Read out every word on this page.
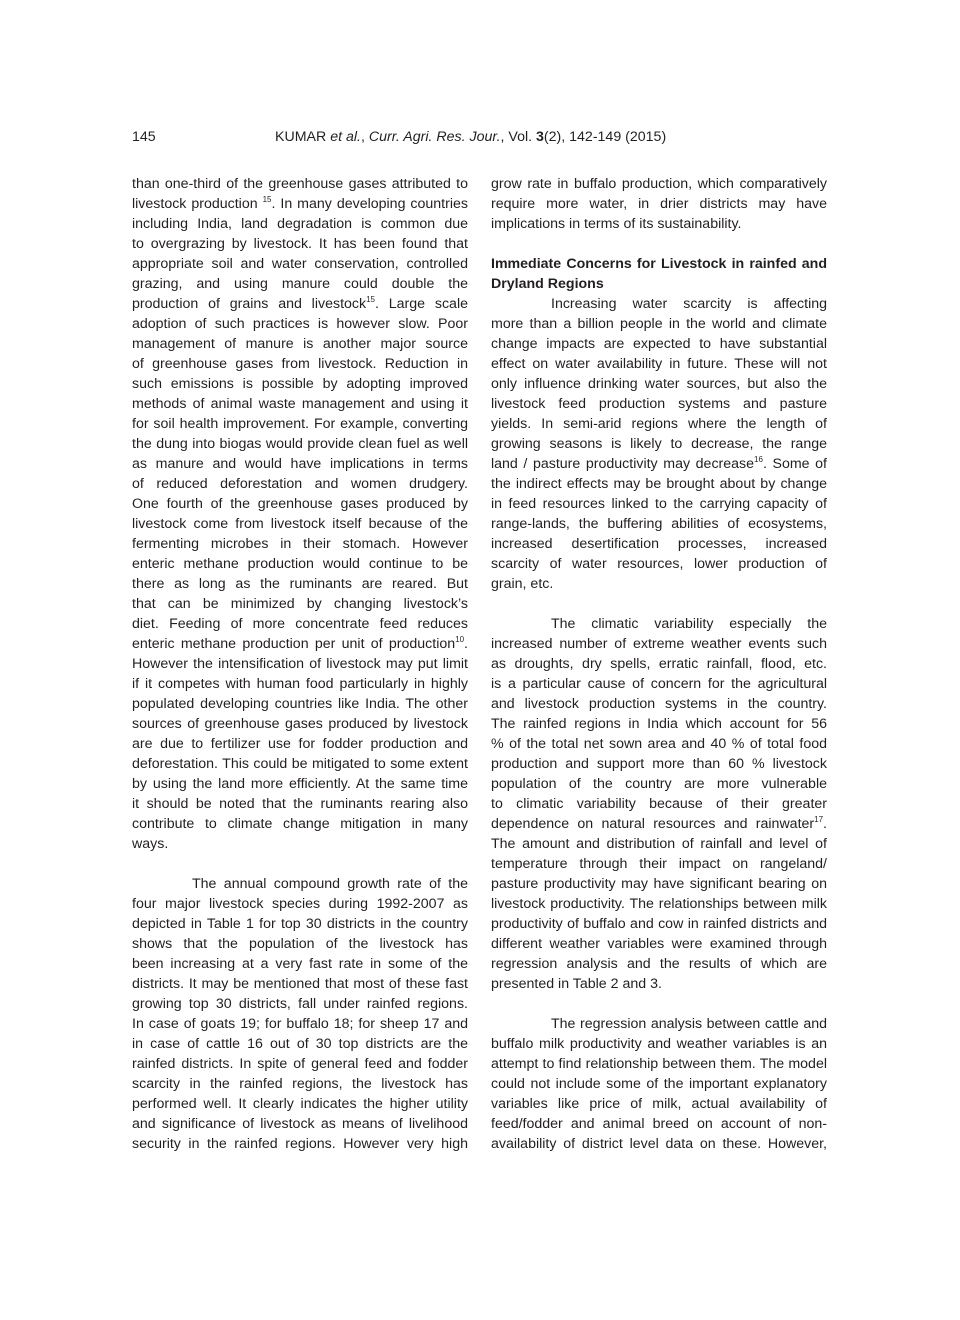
145	KUMAR et al., Curr. Agri. Res. Jour., Vol. 3(2), 142-149 (2015)
than one-third of the greenhouse gases attributed to
livestock production $^{15}$. In many developing countries
including India, land degradation is common due
to overgrazing by livestock. It has been found that
appropriate soil and water conservation, controlled
grazing, and using manure could double the
production of grains and livestock$^{15}$. Large scale
adoption of such practices is however slow. Poor
management of manure is another major source
of greenhouse gases from livestock. Reduction in
such emissions is possible by adopting improved
methods of animal waste management and using it
for soil health improvement. For example, converting
the dung into biogas would provide clean fuel as well
as manure and would have implications in terms
of reduced deforestation and women drudgery.
One fourth of the greenhouse gases produced by
livestock come from livestock itself because of the
fermenting microbes in their stomach. However
enteric methane production would continue to be
there as long as the ruminants are reared. But
that can be minimized by changing livestock’s
diet. Feeding of more concentrate feed reduces
enteric methane production per unit of production$^{10}$.
However the intensification of livestock may put limit
if it competes with human food particularly in highly
populated developing countries like India. The other
sources of greenhouse gases produced by livestock
are due to fertilizer use for fodder production and
deforestation. This could be mitigated to some extent
by using the land more efficiently. At the same time
it should be noted that the ruminants rearing also
contribute to climate change mitigation in many
ways.
The annual compound growth rate of the
four major livestock species during 1992-2007 as
depicted in Table 1 for top 30 districts in the country
shows that the population of the livestock has
been increasing at a very fast rate in some of the
districts. It may be mentioned that most of these fast
growing top 30 districts, fall under rainfed regions.
In case of goats 19; for buffalo 18; for sheep 17 and
in case of cattle 16 out of 30 top districts are the
rainfed districts. In spite of general feed and fodder
scarcity in the rainfed regions, the livestock has
performed well. It clearly indicates the higher utility
and significance of livestock as means of livelihood
security in the rainfed regions. However very high
grow rate in buffalo production, which comparatively
require more water, in drier districts may have
implications in terms of its sustainability.
Immediate Concerns for Livestock in rainfed and
Dryland Regions
Increasing water scarcity is affecting
more than a billion people in the world and climate
change impacts are expected to have substantial
effect on water availability in future. These will not
only influence drinking water sources, but also the
livestock feed production systems and pasture
yields. In semi-arid regions where the length of
growing seasons is likely to decrease, the range
land / pasture productivity may decrease$^{16}$. Some of
the indirect effects may be brought about by change
in feed resources linked to the carrying capacity of
range-lands, the buffering abilities of ecosystems,
increased desertification processes, increased
scarcity of water resources, lower production of
grain, etc.
The climatic variability especially the
increased number of extreme weather events such
as droughts, dry spells, erratic rainfall, flood, etc.
is a particular cause of concern for the agricultural
and livestock production systems in the country.
The rainfed regions in India which account for 56
% of the total net sown area and 40 % of total food
production and support more than 60 % livestock
population of the country are more vulnerable
to climatic variability because of their greater
dependence on natural resources and rainwater$^{17}$.
The amount and distribution of rainfall and level of
temperature through their impact on rangeland/
pasture productivity may have significant bearing on
livestock productivity. The relationships between milk
productivity of buffalo and cow in rainfed districts and
different weather variables were examined through
regression analysis and the results of which are
presented in Table 2 and 3.
The regression analysis between cattle and
buffalo milk productivity and weather variables is an
attempt to find relationship between them. The model
could not include some of the important explanatory
variables like price of milk, actual availability of
feed/fodder and animal breed on account of non-
availability of district level data on these. However,
